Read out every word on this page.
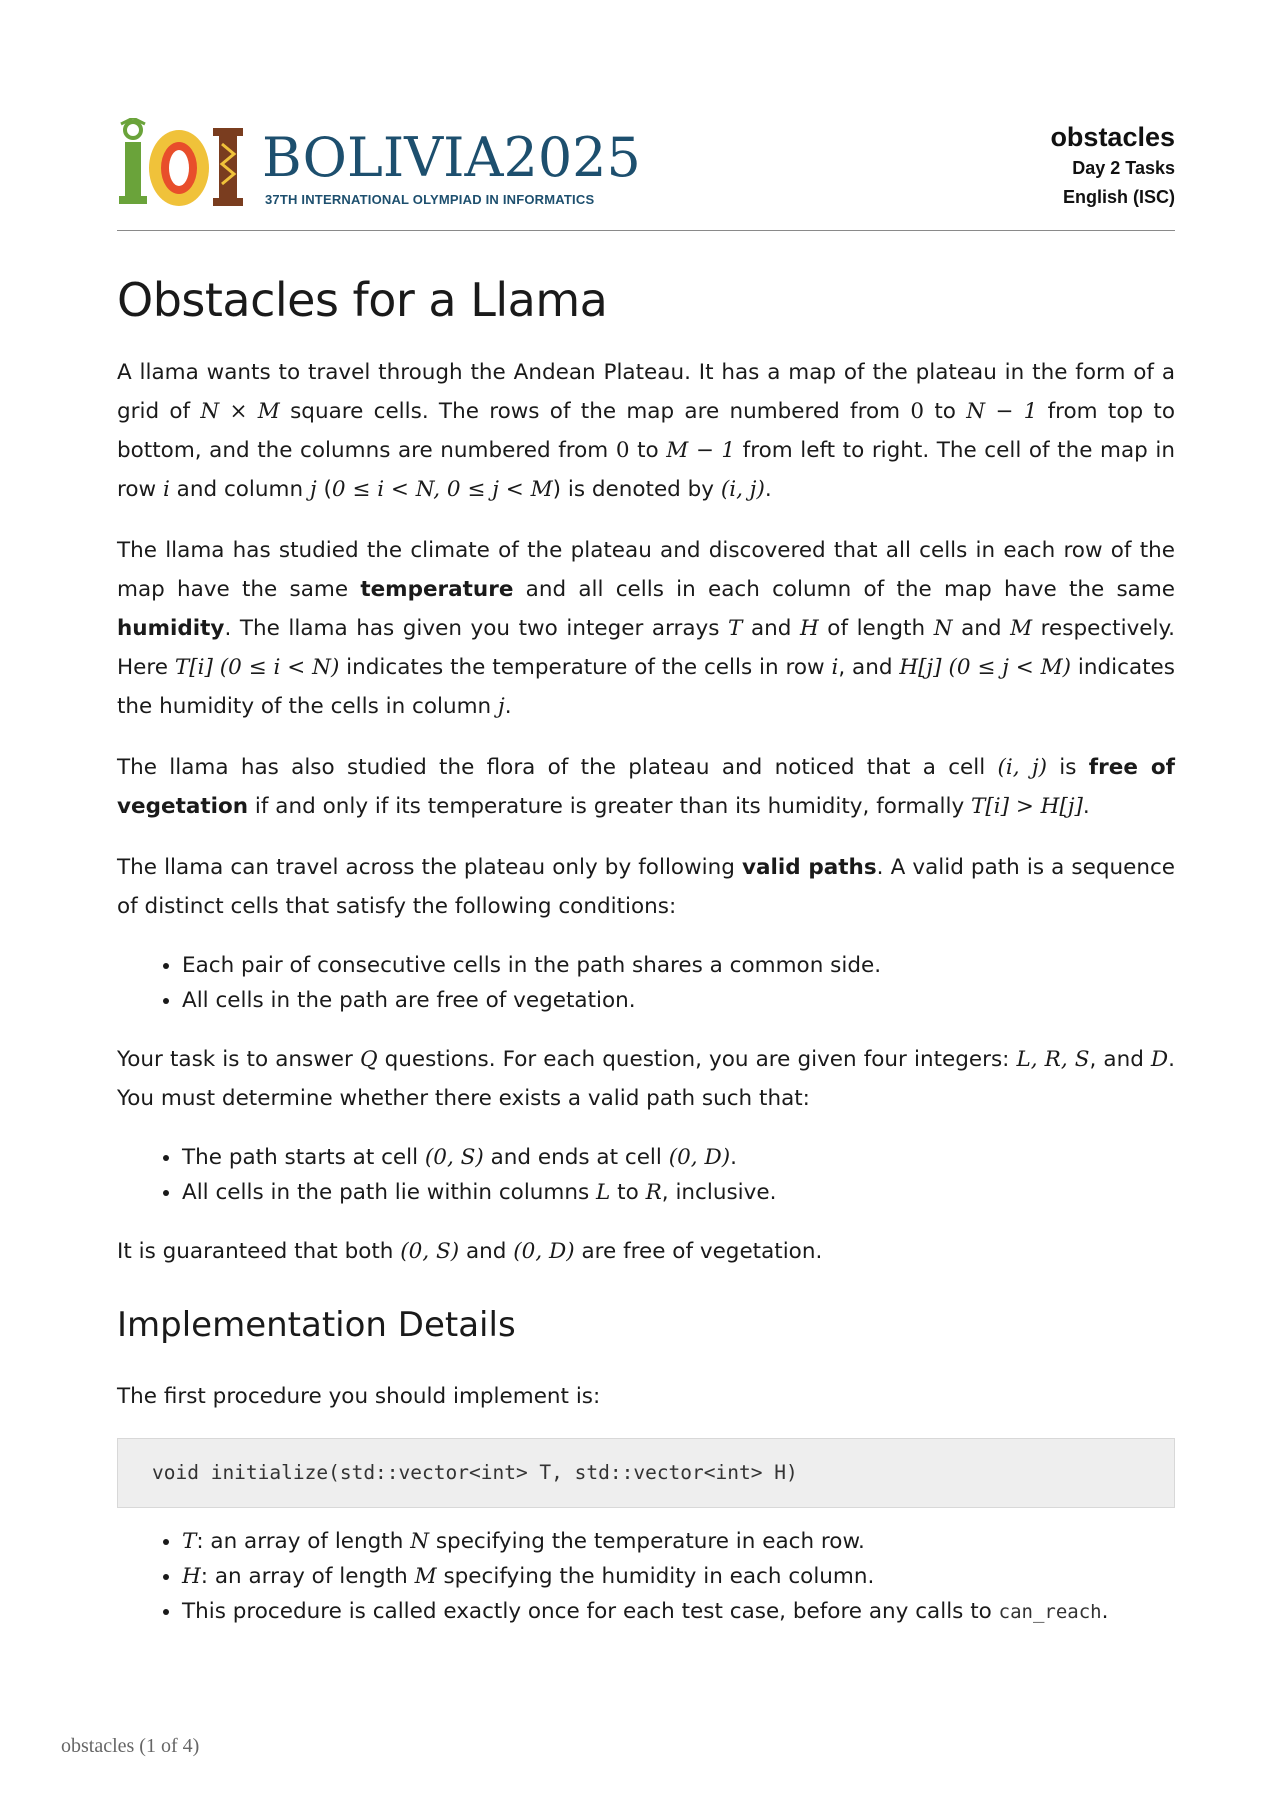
BOLIVIA2025
37TH INTERNATIONAL OLYMPIAD IN INFORMATICS
obstacles
Day 2 Tasks
English (ISC)
Obstacles for a Llama

A llama wants to travel through the Andean Plateau. It has a map of the plateau in the form of a grid of N × M square cells. The rows of the map are numbered from 0 to N − 1 from top to bottom, and the columns are numbered from 0 to M − 1 from left to right. The cell of the map in row i and column j (0 ≤ i < N, 0 ≤ j < M) is denoted by (i, j).

The llama has studied the climate of the plateau and discovered that all cells in each row of the map have the same temperature and all cells in each column of the map have the same humidity. The llama has given you two integer arrays T and H of length N and M respectively. Here T[i] (0 ≤ i < N) indicates the temperature of the cells in row i, and H[j] (0 ≤ j < M) indicates the humidity of the cells in column j.

The llama has also studied the flora of the plateau and noticed that a cell (i, j) is free of vegetation if and only if its temperature is greater than its humidity, formally T[i] > H[j].

The llama can travel across the plateau only by following valid paths. A valid path is a sequence of distinct cells that satisfy the following conditions:

• Each pair of consecutive cells in the path shares a common side.
• All cells in the path are free of vegetation.

Your task is to answer Q questions. For each question, you are given four integers: L, R, S, and D. You must determine whether there exists a valid path such that:

• The path starts at cell (0, S) and ends at cell (0, D).
• All cells in the path lie within columns L to R, inclusive.

It is guaranteed that both (0, S) and (0, D) are free of vegetation.

Implementation Details

The first procedure you should implement is:

void initialize(std::vector<int> T, std::vector<int> H)
• T: an array of length N specifying the temperature in each row.
• H: an array of length M specifying the humidity in each column.
• This procedure is called exactly once for each test case, before any calls to can_reach.
obstacles (1 of 4)
